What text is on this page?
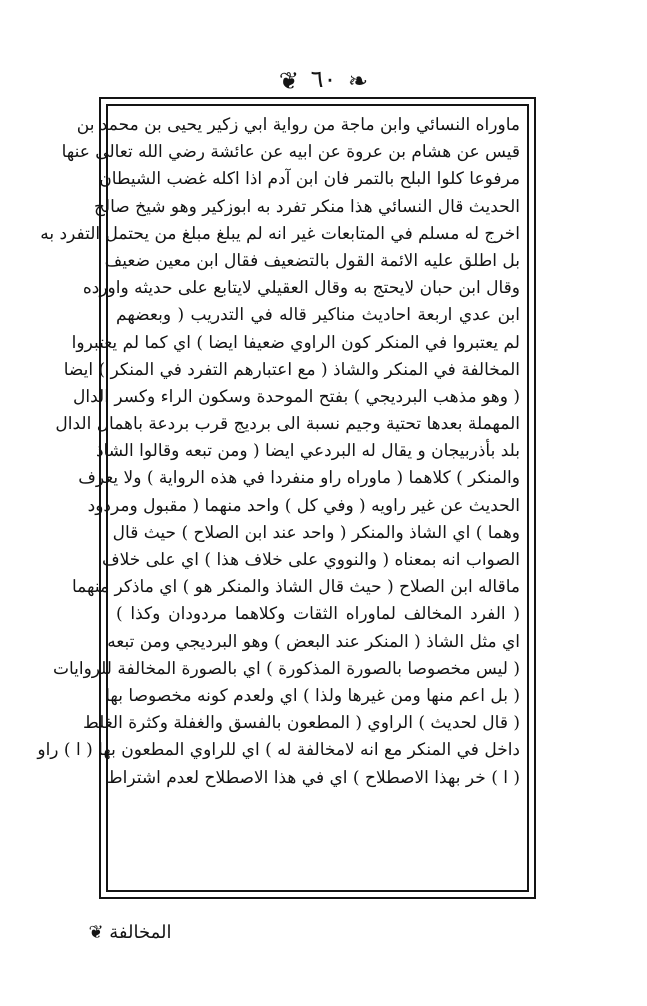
❧ ٦٠ ❦
ماوراه النسائي وابن ماجة من رواية ابي زكير يحيى بن محمد بن
قيس عن هشام بن عروة عن ابيه عن عائشة رضي الله تعالى عنها
مرفوعا كلوا البلح بالتمر فان ابن آدم اذا اكله غضب الشيطان
الحديث قال النسائي هذا منكر تفرد به ابوزكير وهو شيخ صالح
اخرج له مسلم في المتابعات غير انه لم يبلغ مبلغ من يحتمل التفرد به
بل اطلق عليه الائمة القول بالتضعيف فقال ابن معين ضعيف
وقال ابن حبان لايحتج به وقال العقيلي لايتابع على حديثه واورده
ابن عدي اربعة احاديث مناكير قاله في التدريب ( وبعضهم
لم يعتبروا في المنكر كون الراوي ضعيفا ايضا ) اي كما لم يعتبروا
المخالفة في المنكر والشاذ ( مع اعتبارهم التفرد في المنكر ) ايضا
( وهو مذهب البرديجي ) بفتح الموحدة وسكون الراء وكسر الدال
المهملة بعدها تحتية وجيم نسبة الى برديج قرب بردعة باهمال الدال
بلد بأذربيجان و يقال له البردعي ايضا ( ومن تبعه وقالوا الشاذ
والمنكر ) كلاهما ( ماوراه راو منفردا في هذه الرواية ) ولا يعرف
الحديث عن غير راويه ( وفي كل ) واحد منهما ( مقبول ومردود
وهما ) اي الشاذ والمنكر ( واحد عند ابن الصلاح ) حيث قال
الصواب انه بمعناه ( والنووي على خلاف هذا ) اي على خلاف
ماقاله ابن الصلاح ( حيث قال الشاذ والمنكر هو ) اي ماذكر منهما
( الفرد المخالف لماوراه الثقات وكلاهما مردودان وكذا )
اي مثل الشاذ ( المنكر عند البعض ) وهو البرديجي ومن تبعه
( ليس مخصوصا بالصورة المذكورة ) اي بالصورة المخالفة للروايات
( بل اعم منها ومن غيرها ولذا ) اي ولعدم كونه مخصوصا بها
( قال لحديث ) الراوي ( المطعون بالفسق والغفلة وكثرة الغلط
داخل في المنكر مع انه لامخالفة له ) اي للراوي المطعون بها ( ا ) راو
( ا ) خر بهذا الاصطلاح ) اي في هذا الاصطلاح لعدم اشتراط
المخالفة ❦
